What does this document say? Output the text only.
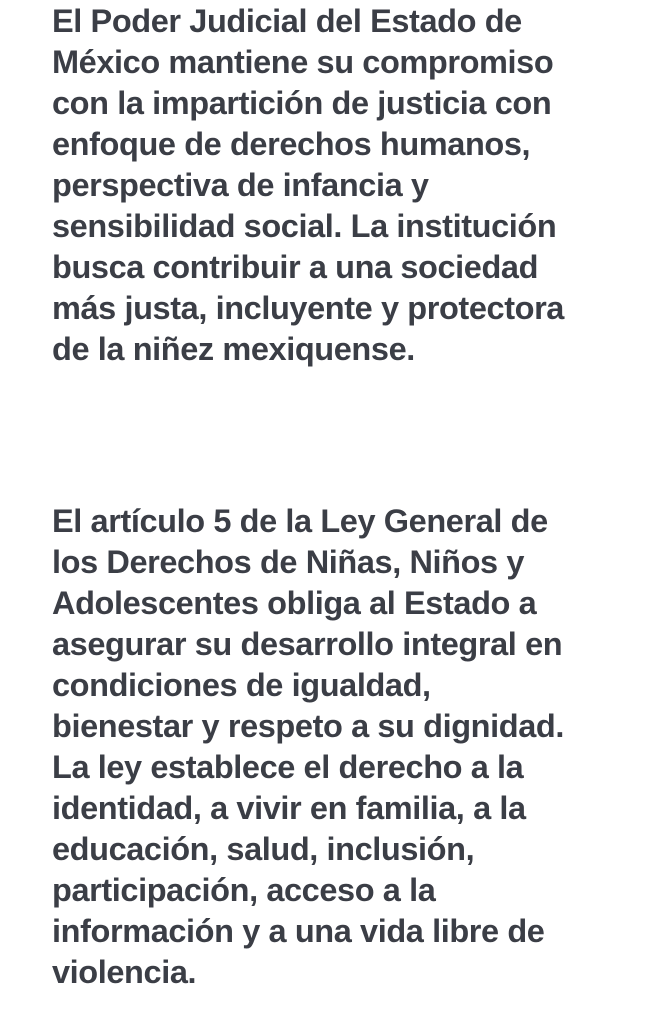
El Poder Judicial del Estado de
México mantiene su compromiso
con la impartición de justicia con
enfoque de derechos humanos,
perspectiva de infancia y
sensibilidad social. La institución
busca contribuir a una sociedad
más justa, incluyente y protectora
de la niñez mexiquense.

El artículo 5 de la Ley General de
los Derechos de Niñas, Niños y
Adolescentes obliga al Estado a
asegurar su desarrollo integral en
condiciones de igualdad,
bienestar y respeto a su dignidad.
La ley establece el derecho a la
identidad, a vivir en familia, a la
educación, salud, inclusión,
participación, acceso a la
información y a una vida libre de
violencia.
